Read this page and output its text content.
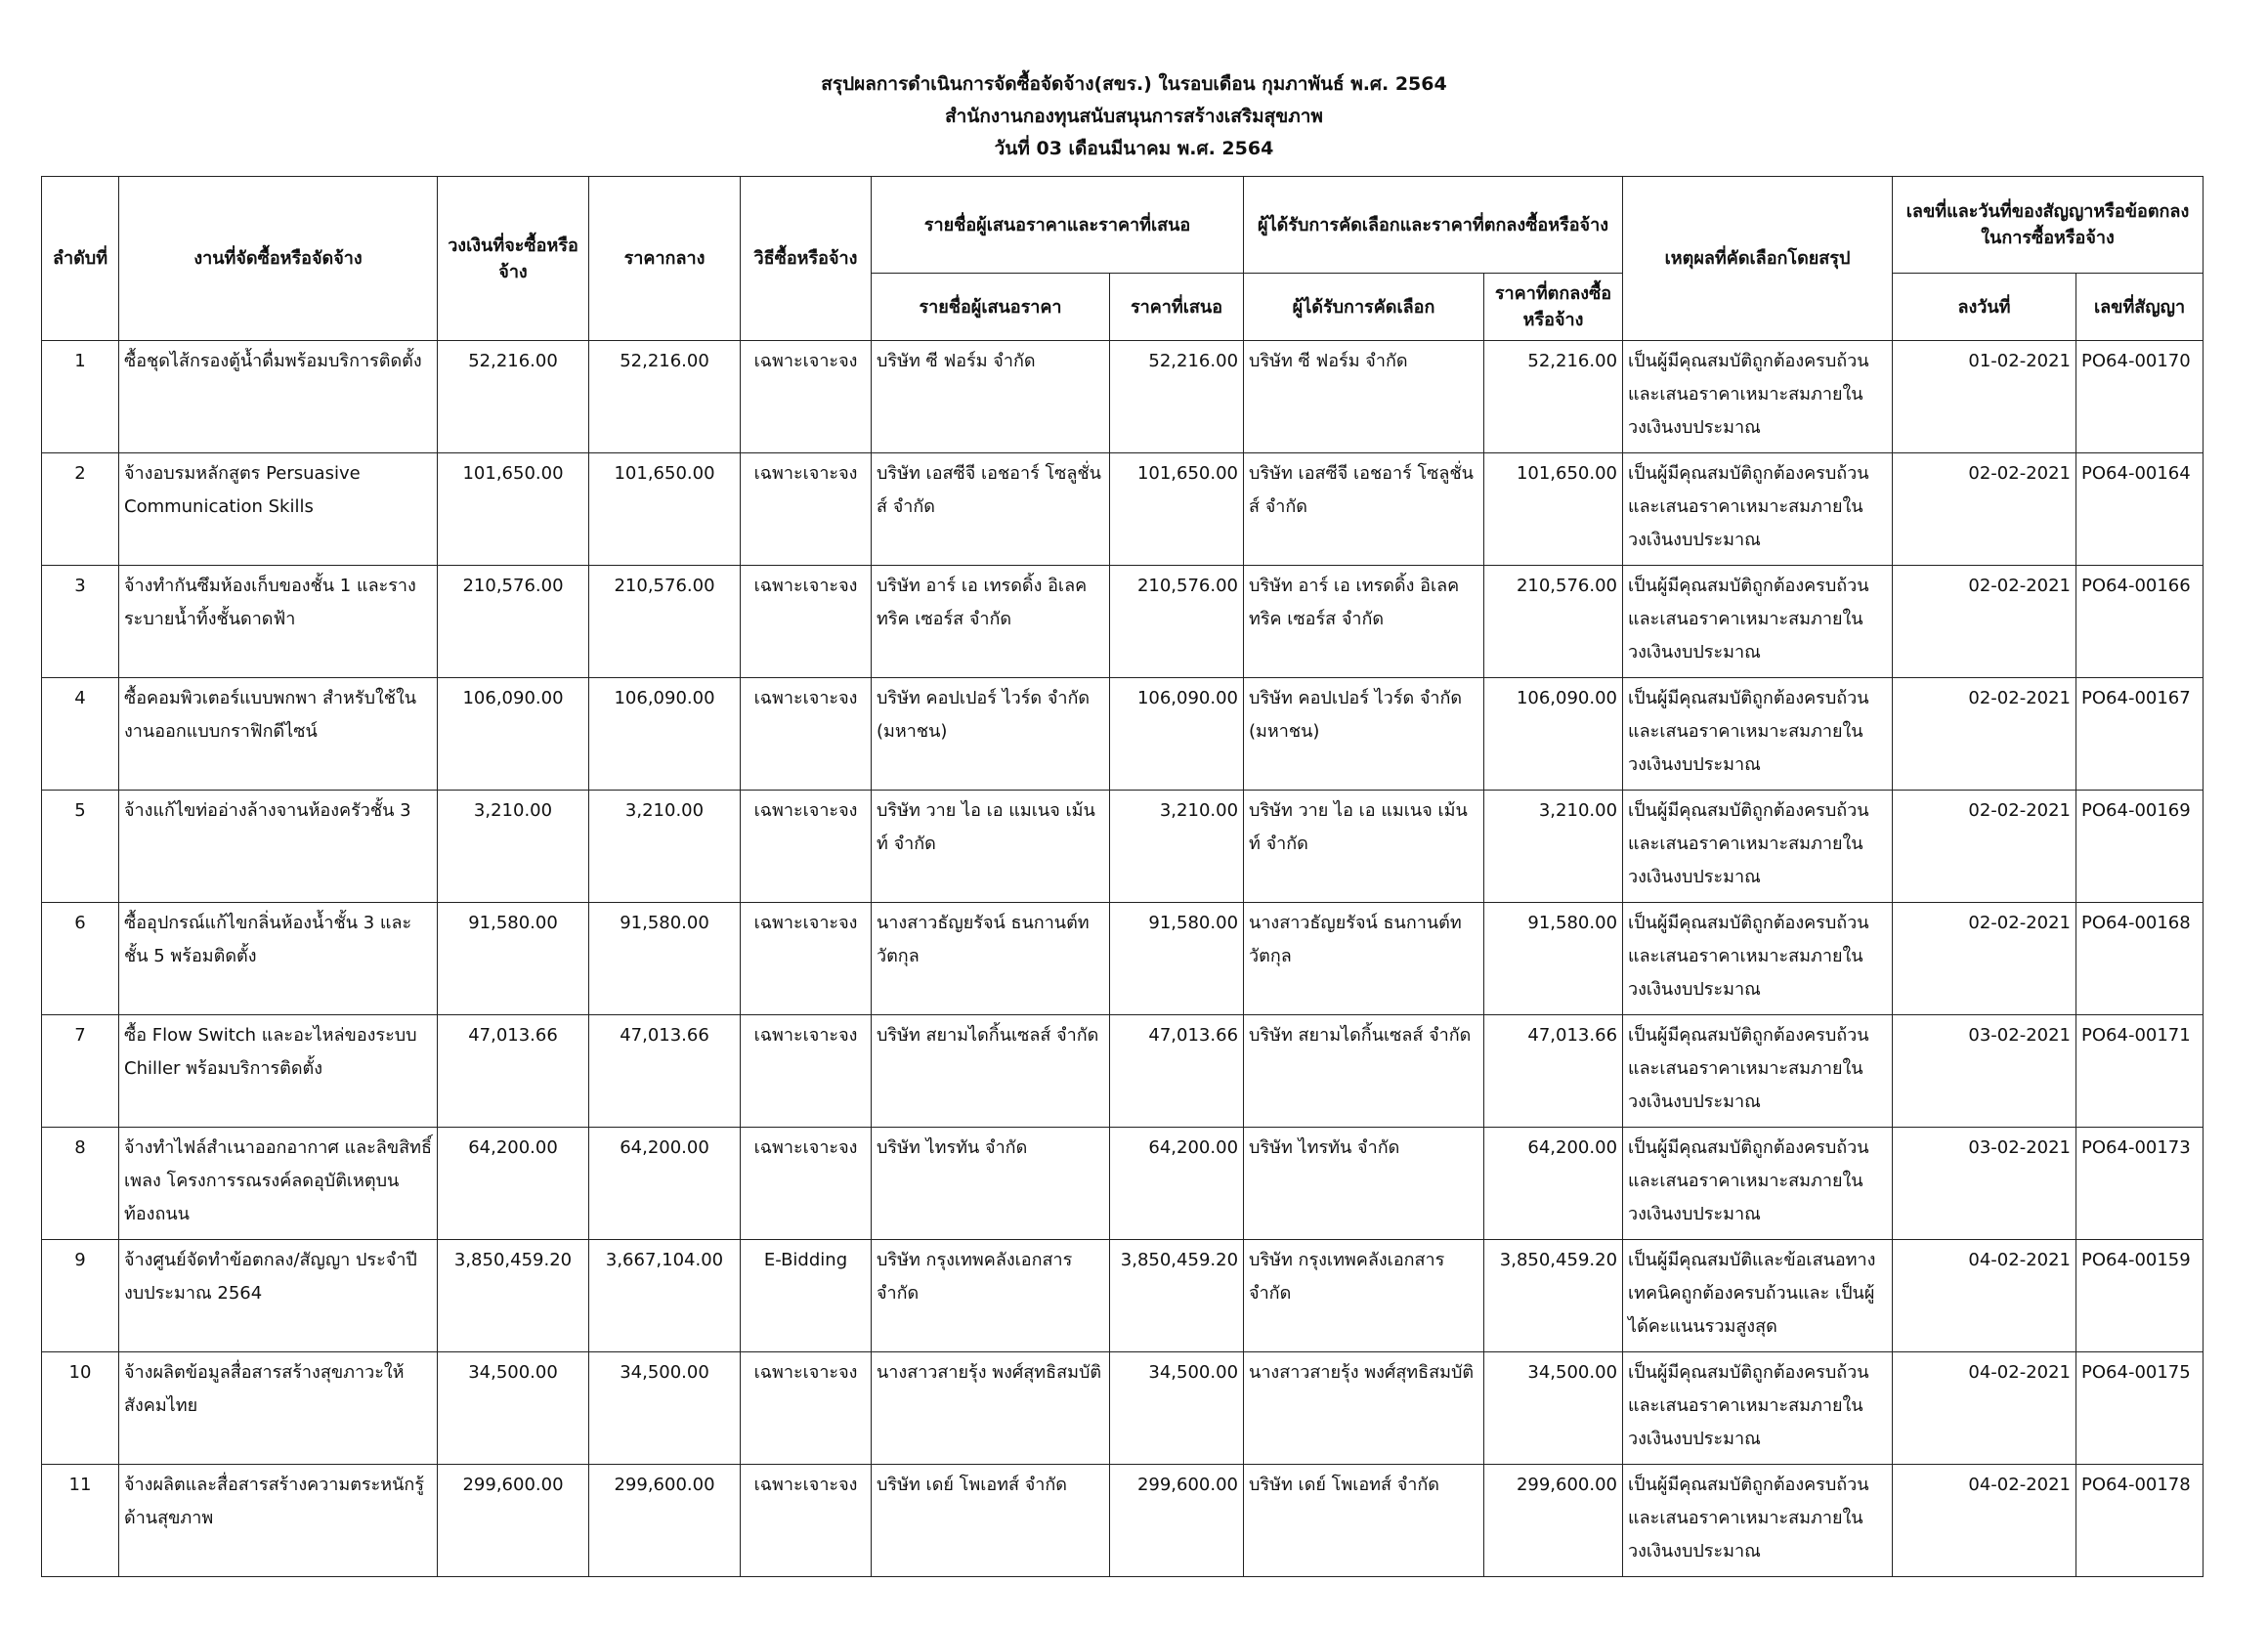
สรุปผลการดำเนินการจัดซื้อจัดจ้าง(สขร.) ในรอบเดือน กุมภาพันธ์ พ.ศ. 2564
สำนักงานกองทุนสนับสนุนการสร้างเสริมสุขภาพ
วันที่ 03 เดือนมีนาคม พ.ศ. 2564
ลำดับที่	งานที่จัดซื้อหรือจัดจ้าง	วงเงินที่จะซื้อหรือจ้าง	ราคากลาง	วิธีซื้อหรือจ้าง	รายชื่อผู้เสนอราคาและราคาที่เสนอ		ผู้ได้รับการคัดเลือกและราคาที่ตกลงซื้อหรือจ้าง		เหตุผลที่คัดเลือกโดยสรุป	เลขที่และวันที่ของสัญญาหรือข้อตกลงในการซื้อหรือจ้าง	
					รายชื่อผู้เสนอราคา	ราคาที่เสนอ	ผู้ได้รับการคัดเลือก	ราคาที่ตกลงซื้อหรือจ้าง		ลงวันที่	เลขที่สัญญา
1	ซื้อชุดไส้กรองตู้น้ำดื่มพร้อมบริการติดตั้ง	52,216.00	52,216.00	เฉพาะเจาะจง	บริษัท ซี ฟอร์ม จำกัด	52,216.00	บริษัท ซี ฟอร์ม จำกัด	52,216.00	เป็นผู้มีคุณสมบัติถูกต้องครบถ้วน และเสนอราคาเหมาะสมภายใน วงเงินงบประมาณ	01-02-2021	PO64-00170
2	จ้างอบรมหลักสูตร Persuasive Communication Skills	101,650.00	101,650.00	เฉพาะเจาะจง	บริษัท เอสซีจี เอชอาร์ โซลูชั่นส์ จำกัด	101,650.00	บริษัท เอสซีจี เอชอาร์ โซลูชั่นส์ จำกัด	101,650.00	เป็นผู้มีคุณสมบัติถูกต้องครบถ้วน และเสนอราคาเหมาะสมภายใน วงเงินงบประมาณ	02-02-2021	PO64-00164
3	จ้างทำกันซึมห้องเก็บของชั้น 1 และราง ระบายน้ำทิ้งชั้นดาดฟ้า	210,576.00	210,576.00	เฉพาะเจาะจง	บริษัท อาร์ เอ เทรดดิ้ง อิเลคทริค เซอร์ส จำกัด	210,576.00	บริษัท อาร์ เอ เทรดดิ้ง อิเลคทริค เซอร์ส จำกัด	210,576.00	เป็นผู้มีคุณสมบัติถูกต้องครบถ้วน และเสนอราคาเหมาะสมภายใน วงเงินงบประมาณ	02-02-2021	PO64-00166
4	ซื้อคอมพิวเตอร์แบบพกพา สำหรับใช้ใน งานออกแบบกราฟิกดีไซน์	106,090.00	106,090.00	เฉพาะเจาะจง	บริษัท คอปเปอร์ ไวร์ด จำกัด (มหาชน)	106,090.00	บริษัท คอปเปอร์ ไวร์ด จำกัด (มหาชน)	106,090.00	เป็นผู้มีคุณสมบัติถูกต้องครบถ้วน และเสนอราคาเหมาะสมภายใน วงเงินงบประมาณ	02-02-2021	PO64-00167
5	จ้างแก้ไขท่ออ่างล้างจานห้องครัวชั้น 3	3,210.00	3,210.00	เฉพาะเจาะจง	บริษัท วาย ไอ เอ แมเนจ เม้นท์ จำกัด	3,210.00	บริษัท วาย ไอ เอ แมเนจ เม้นท์ จำกัด	3,210.00	เป็นผู้มีคุณสมบัติถูกต้องครบถ้วน และเสนอราคาเหมาะสมภายใน วงเงินงบประมาณ	02-02-2021	PO64-00169
6	ซื้ออุปกรณ์แก้ไขกลิ่นห้องน้ำชั้น 3 และ ชั้น 5 พร้อมติดตั้ง	91,580.00	91,580.00	เฉพาะเจาะจง	นางสาวธัญยรัจน์ ธนกานต์ท วัตกุล	91,580.00	นางสาวธัญยรัจน์ ธนกานต์ท วัตกุล	91,580.00	เป็นผู้มีคุณสมบัติถูกต้องครบถ้วน และเสนอราคาเหมาะสมภายใน วงเงินงบประมาณ	02-02-2021	PO64-00168
7	ซื้อ Flow Switch และอะไหล่ของระบบ Chiller พร้อมบริการติดตั้ง	47,013.66	47,013.66	เฉพาะเจาะจง	บริษัท สยามไดกิ้นเซลส์ จำกัด	47,013.66	บริษัท สยามไดกิ้นเซลส์ จำกัด	47,013.66	เป็นผู้มีคุณสมบัติถูกต้องครบถ้วน และเสนอราคาเหมาะสมภายใน วงเงินงบประมาณ	03-02-2021	PO64-00171
8	จ้างทำไฟล์สำเนาออกอากาศ และลิขสิทธิ์ เพลง โครงการรณรงค์ลดอุบัติเหตุบน ท้องถนน	64,200.00	64,200.00	เฉพาะเจาะจง	บริษัท ไทรทัน จำกัด	64,200.00	บริษัท ไทรทัน จำกัด	64,200.00	เป็นผู้มีคุณสมบัติถูกต้องครบถ้วน และเสนอราคาเหมาะสมภายใน วงเงินงบประมาณ	03-02-2021	PO64-00173
9	จ้างศูนย์จัดทำข้อตกลง/สัญญา ประจำปี งบประมาณ 2564	3,850,459.20	3,667,104.00	E-Bidding	บริษัท กรุงเทพคลังเอกสาร จำกัด	3,850,459.20	บริษัท กรุงเทพคลังเอกสาร จำกัด	3,850,459.20	เป็นผู้มีคุณสมบัติและข้อเสนอทาง เทคนิคถูกต้องครบถ้วนและ เป็นผู้ได้คะแนนรวมสูงสุด	04-02-2021	PO64-00159
10	จ้างผลิตข้อมูลสื่อสารสร้างสุขภาวะให้ สังคมไทย	34,500.00	34,500.00	เฉพาะเจาะจง	นางสาวสายรุ้ง พงศ์สุทธิสมบัติ	34,500.00	นางสาวสายรุ้ง พงศ์สุทธิสมบัติ	34,500.00	เป็นผู้มีคุณสมบัติถูกต้องครบถ้วน และเสนอราคาเหมาะสมภายใน วงเงินงบประมาณ	04-02-2021	PO64-00175
11	จ้างผลิตและสื่อสารสร้างความตระหนักรู้ ด้านสุขภาพ	299,600.00	299,600.00	เฉพาะเจาะจง	บริษัท เดย์ โพเอทส์ จำกัด	299,600.00	บริษัท เดย์ โพเอทส์ จำกัด	299,600.00	เป็นผู้มีคุณสมบัติถูกต้องครบถ้วน และเสนอราคาเหมาะสมภายใน วงเงินงบประมาณ	04-02-2021	PO64-00178
